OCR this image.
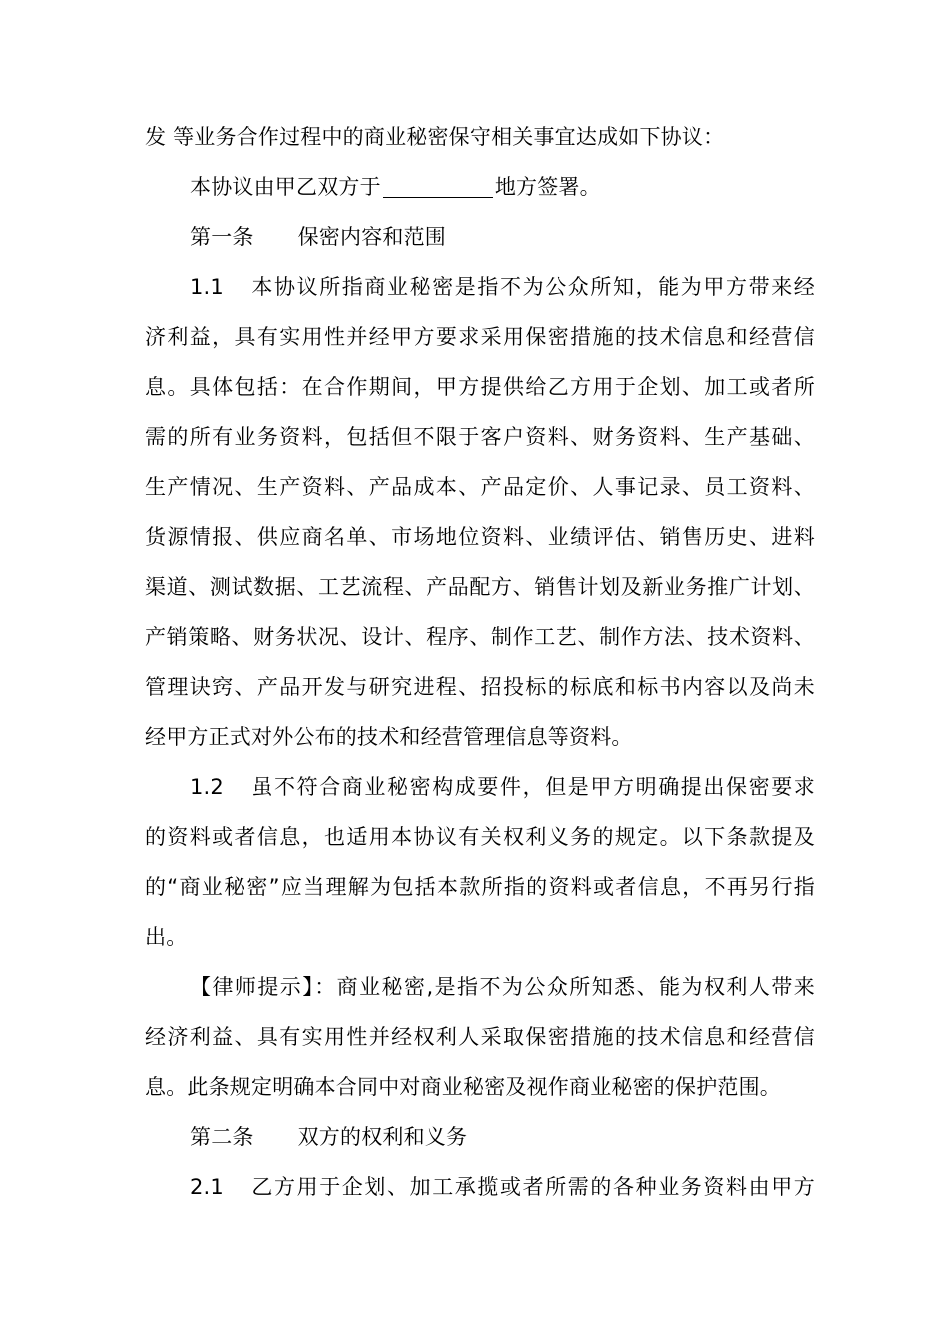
发 等业务合作过程中的商业秘密保守相关事宜达成如下协议：
本协议由甲乙双方于	地方签署。
第一条 保密内容和范围
1.1 本协议所指商业秘密是指不为公众所知，能为甲方带来经
济利益，具有实用性并经甲方要求采用保密措施的技术信息和经营信
息。具体包括：在合作期间，甲方提供给乙方用于企划、加工或者所
需的所有业务资料，包括但不限于客户资料、财务资料、生产基础、
生产情况、生产资料、产品成本、产品定价、人事记录、员工资料、
货源情报、供应商名单、市场地位资料、业绩评估、销售历史、进料
渠道、测试数据、工艺流程、产品配方、销售计划及新业务推广计划、
产销策略、财务状况、设计、程序、制作工艺、制作方法、技术资料、
管理诀窍、产品开发与研究进程、招投标的标底和标书内容以及尚未
经甲方正式对外公布的技术和经营管理信息等资料。
1.2 虽不符合商业秘密构成要件，但是甲方明确提出保密要求
的资料或者信息，也适用本协议有关权利义务的规定。以下条款提及
的“商业秘密”应当理解为包括本款所指的资料或者信息，不再另行指
出。
【律师提示】：商业秘密,是指不为公众所知悉、能为权利人带来
经济利益、具有实用性并经权利人采取保密措施的技术信息和经营信
息。此条规定明确本合同中对商业秘密及视作商业秘密的保护范围。
第二条 双方的权利和义务
2.1 乙方用于企划、加工承揽或者所需的各种业务资料由甲方
